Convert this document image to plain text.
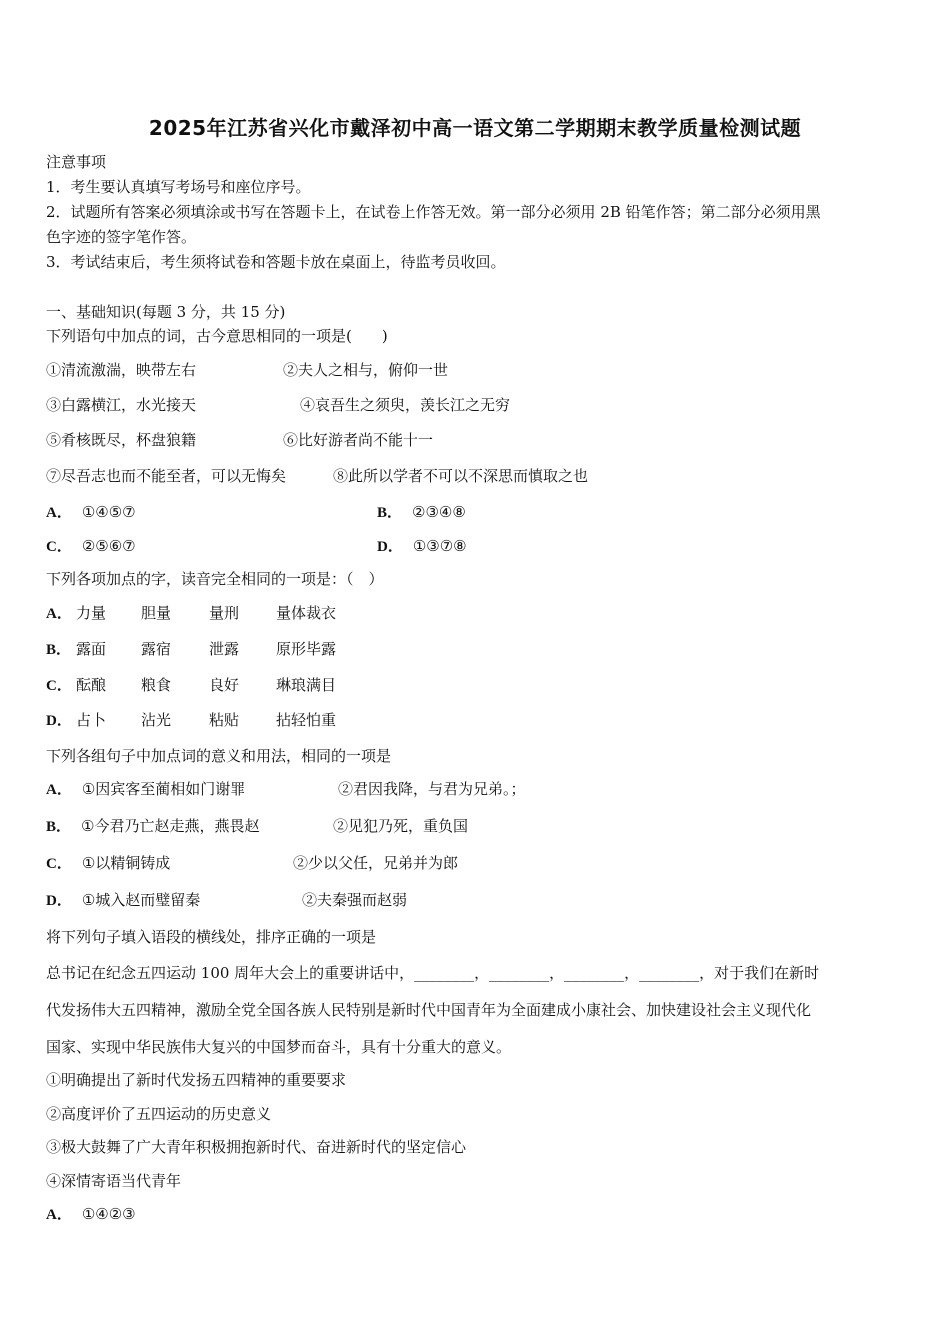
2025年江苏省兴化市戴泽初中高一语文第二学期期末教学质量检测试题
注意事项
1．考生要认真填写考场号和座位序号。
2．试题所有答案必须填涂或书写在答题卡上，在试卷上作答无效。第一部分必须用 2B 铅笔作答；第二部分必须用黑
色字迹的签字笔作答。
3．考试结束后，考生须将试卷和答题卡放在桌面上，待监考员收回。
一、基础知识(每题 3 分，共 15 分)
下列语句中加点的词，古今意思相同的一项是(　　)
①清流激湍，映带左右	②夫人之相与，俯仰一世
③白露横江，水光接天	④哀吾生之须臾，羡长江之无穷
⑤肴核既尽，杯盘狼籍	⑥比好游者尚不能十一
⑦尽吾志也而不能至者，可以无悔矣	⑧此所以学者不可以不深思而慎取之也
A． ①④⑤⑦	B． ②③④⑧
C． ②⑤⑥⑦	D． ①③⑦⑧
下列各项加点的字，读音完全相同的一项是：（　）
A． 力量 胆量	量刑 量体裁衣
B． 露面 露宿	泄露 原形毕露
C． 酝酿 粮食	良好 琳琅满目
D． 占卜 沾光	粘贴 拈轻怕重
下列各组句子中加点词的意义和用法，相同的一项是
A． ①因宾客至蔺相如门谢罪	②君因我降，与君为兄弟。；
B． ①今君乃亡赵走燕，燕畏赵	②见犯乃死，重负国
C． ①以精铜铸成	②少以父任，兄弟并为郎
D． ①城入赵而璧留秦	②夫秦强而赵弱
将下列句子填入语段的横线处，排序正确的一项是
总书记在纪念五四运动 100 周年大会上的重要讲话中，________，________，________，________，对于我们在新时
代发扬伟大五四精神，激励全党全国各族人民特别是新时代中国青年为全面建成小康社会、加快建设社会主义现代化
国家、实现中华民族伟大复兴的中国梦而奋斗，具有十分重大的意义。
①明确提出了新时代发扬五四精神的重要要求
②高度评价了五四运动的历史意义
③极大鼓舞了广大青年积极拥抱新时代、奋进新时代的坚定信心
④深情寄语当代青年
A． ①④②③
